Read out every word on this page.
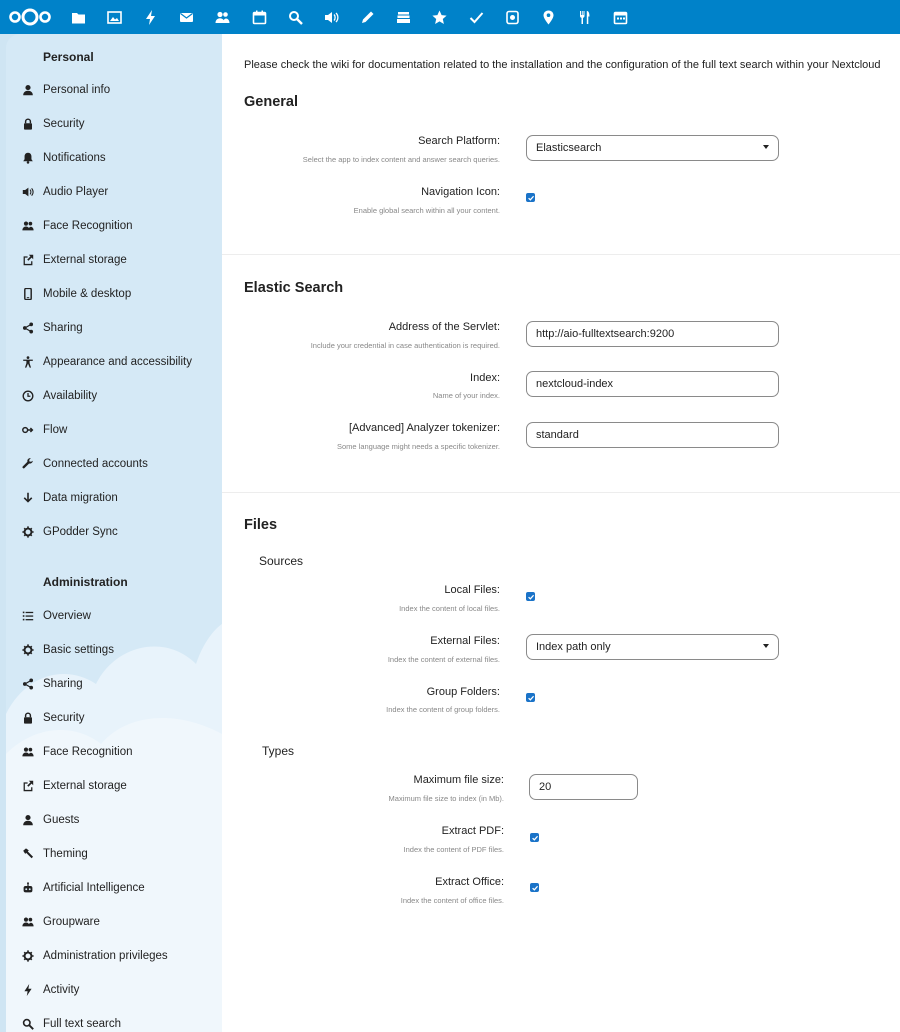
Personal
Personal info
Security
Notifications
Audio Player
Face Recognition
External storage
Mobile & desktop
Sharing
Appearance and accessibility
Availability
Flow
Connected accounts
Data migration
GPodder Sync
Administration
Overview
Basic settings
Sharing
Security
Face Recognition
External storage
Guests
Theming
Artificial Intelligence
Groupware
Administration privileges
Activity
Full text search
Please check the wiki for documentation related to the installation and the configuration of the full text search within your Nextcloud
General
Search Platform:
Select the app to index content and answer search queries.
Elasticsearch
Navigation Icon:
Enable global search within all your content.
Elastic Search
Address of the Servlet:
Include your credential in case authentication is required.
http://aio-fulltextsearch:9200
Index:
Name of your index.
nextcloud-index
[Advanced] Analyzer tokenizer:
Some language might needs a specific tokenizer.
standard
Files
Sources
Local Files:
Index the content of local files.
External Files:
Index the content of external files.
Index path only
Group Folders:
Index the content of group folders.
Types
Maximum file size:
Maximum file size to index (in Mb).
20
Extract PDF:
Index the content of PDF files.
Extract Office:
Index the content of office files.
